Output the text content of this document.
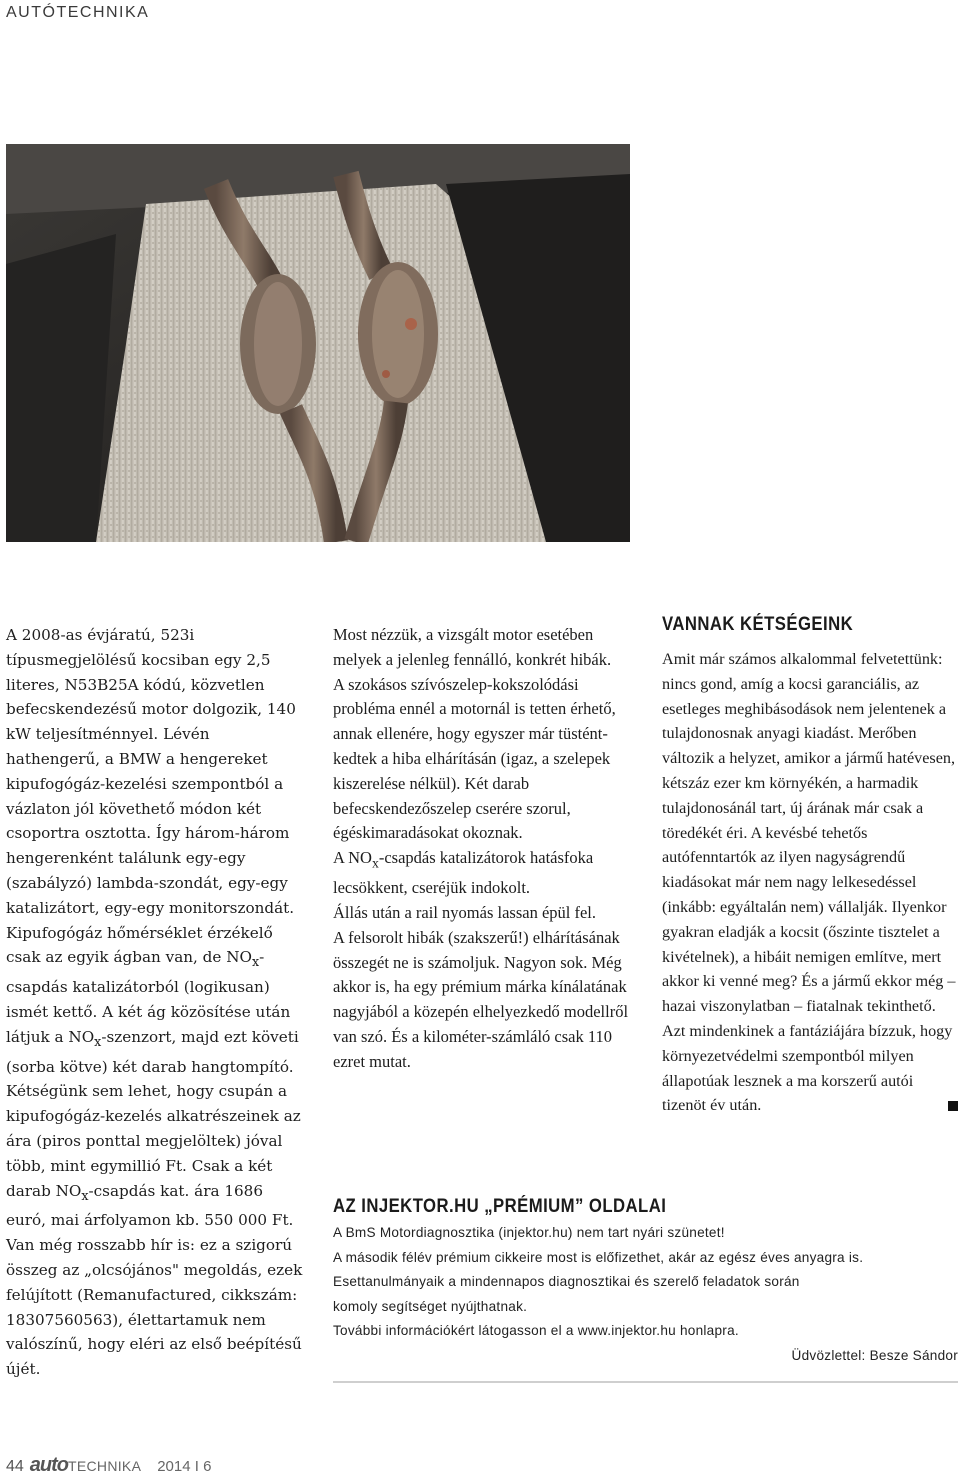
AUTÓTECHNIKA

A 2008-as évjáratú, 523i típusmegjelölésű kocsiban egy 2,5 literes, N53B25A kódú, közvetlen befecskendezésű motor dolgozik, 140 kW teljesítménnyel. Lévén hathengerű, a BMW a hengereket kipufogógáz-kezelési szempontból a vázlaton jól követhető módon két csoportra osztotta. Így három-három hengerenként találunk egy-egy (szabályzó) lambda-szondát, egy-egy katalizátort, egy-egy monitorszondát. Kipufogógáz hőmérséklet érzékelő csak az egyik ágban van, de $NO_x$-csapdás katalizátorból (logikusan) ismét kettő. A két ág közösítése után látjuk a $NO_x$-szenzort, majd ezt követi (sorba kötve) két darab hangtompító.

Kétségünk sem lehet, hogy csupán a kipufogógáz-kezelés alkatrészeinek az ára (piros ponttal megjelöltek) jóval több, mint egymillió Ft. Csak a két darab $NO_x$-csapdás kat. ára 1686 euró, mai árfolyamon kb. 550 000 Ft. Van még rosszabb hír is: ez a szigorú összeg az „olcsójános" megoldás, ezek felújított (Remanufactured, cikkszám: 18307560563), élettartamuk nem valószínű, hogy eléri az első beépítésű újét.

Most nézzük, a vizsgált motor esetében melyek a jelenleg fennálló, konkrét hibák.

A szokásos szívószelep-kokszolódási probléma ennél a motornál is tetten érhető, annak ellenére, hogy egyszer már tüsténtkedtek a hiba elhárításán (igaz, a szelepek kiszerelése nélkül). Két darab befecskendezőszelep cserére szorul, égéskimaradásokat okoznak.

A $NO_x$-csapdás katalizátorok hatásfoka lecsökkent, cseréjük indokolt.

Állás után a rail nyomás lassan épül fel.

A felsorolt hibák (szakszerű!) elhárításának összegét ne is számoljuk. Nagyon sok. Még akkor is, ha egy prémium márka kínálatának nagyjából a közepén elhelyezkedő modellről van szó. És a kilométer-számláló csak 110 ezret mutat.

VANNAK KÉTSÉGEINK

Amit már számos alkalommal felvetettünk: nincs gond, amíg a kocsi garanciális, az esetleges meghibásodások nem jelentenek a tulajdonosnak anyagi kiadást. Merőben változik a helyzet, amikor a jármű hatévesen, kétszáz ezer km környékén, a harmadik tulajdonosánál tart, új árának már csak a töredékét éri. A kevésbé tehetős autófenntartók az ilyen nagyságrendű kiadásokat már nem nagy lelkesedéssel (inkább: egyáltalán nem) vállalják. Ilyenkor gyakran eladják a kocsit (őszinte tisztelet a kivételnek), a hibáit nemigen említve, mert akkor ki venné meg? És a jármű ekkor még – hazai viszonylatban – fiatalnak tekinthető.

Azt mindenkinek a fantáziájára bízzuk, hogy környezetvédelmi szempontból milyen állapotúak lesznek a ma korszerű autói tizenöt év után.

AZ INJEKTOR.HU „PRÉMIUM” OLDALAI
A BmS Motordiagnosztika (injektor.hu) nem tart nyári szünetet!
A második félév prémium cikkeire most is előfizethet, akár az egész éves anyagra is.
Esettanulmányaik a mindennapos diagnosztikai és szerelő feladatok során
komoly segítséget nyújthatnak.
További információkért látogasson el a www.injektor.hu honlapra.
Üdvözlettel: Besze Sándor
44 auto TECHNIKA 2014 I 6
